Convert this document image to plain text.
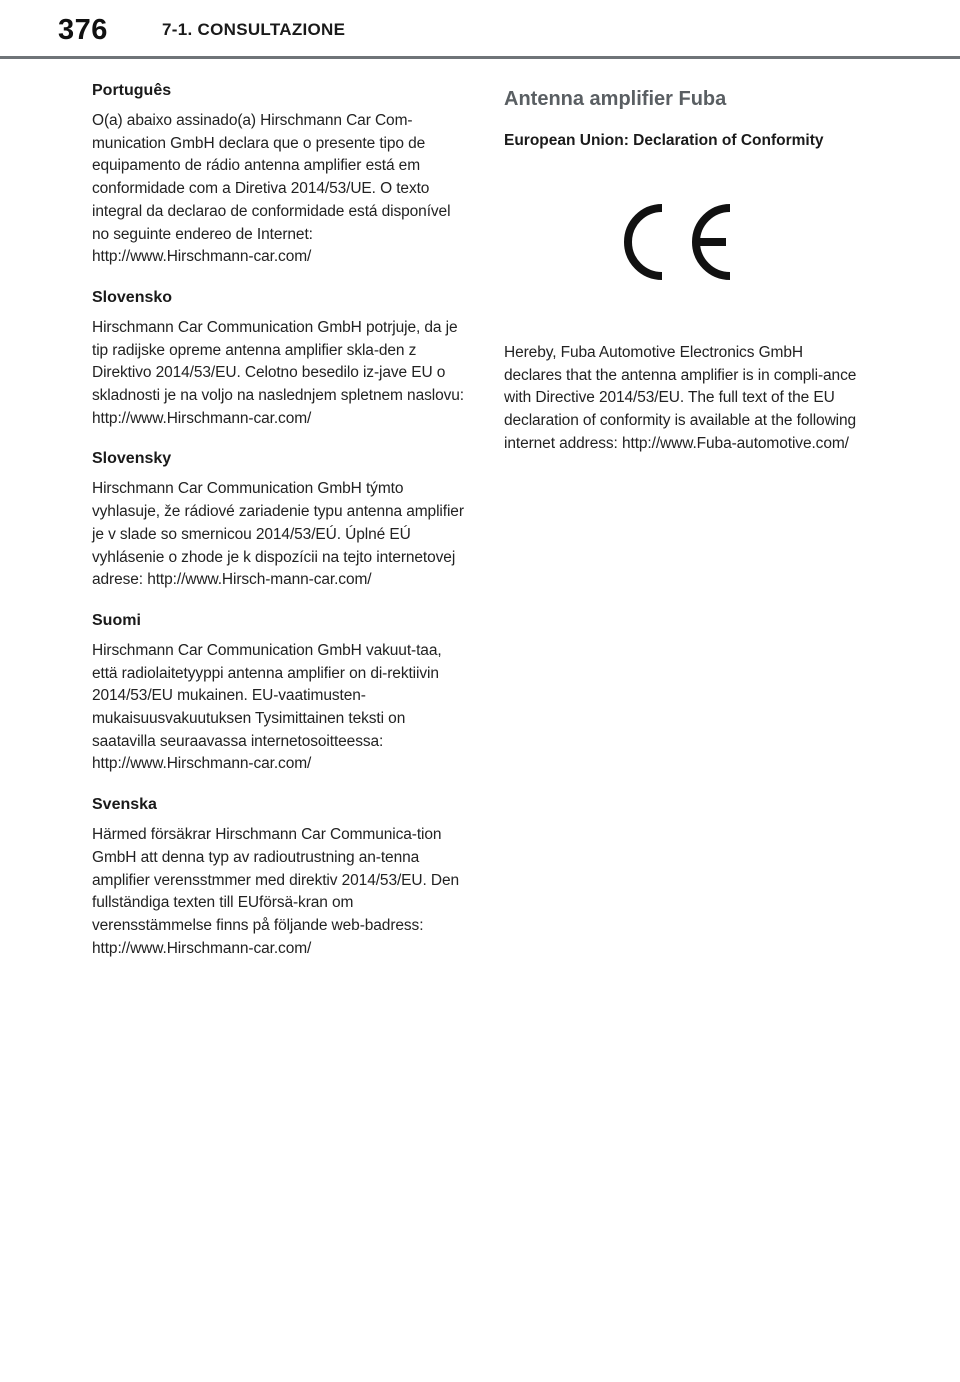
376	7-1. CONSULTAZIONE
Português

O(a) abaixo assinado(a) Hirschmann Car Com-munication GmbH declara que o presente tipo de equipamento de rádio antenna amplifier está em conformidade com a Diretiva 2014/53/UE. O texto integral da declarao de conformidade está disponível no seguinte endereo de Internet: http://www.Hirschmann-car.com/

Slovensko

Hirschmann Car Communication GmbH potrjuje, da je tip radijske opreme antenna amplifier skla-den z Direktivo 2014/53/EU. Celotno besedilo iz-jave EU o skladnosti je na voljo na naslednjem spletnem naslovu: http://www.Hirschmann-car.com/

Slovensky

Hirschmann Car Communication GmbH týmto vyhlasuje, že rádiové zariadenie typu antenna amplifier je v slade so smernicou 2014/53/EÚ. Úplné EÚ vyhlásenie o zhode je k dispozícii na tejto internetovej adrese: http://www.Hirsch-mann-car.com/

Suomi

Hirschmann Car Communication GmbH vakuut-taa, että radiolaitetyyppi antenna amplifier on di-rektiivin 2014/53/EU mukainen. EU-vaatimusten-mukaisuusvakuutuksen Tysimittainen teksti on saatavilla seuraavassa internetosoitteessa: http://www.Hirschmann-car.com/

Svenska

Härmed försäkrar Hirschmann Car Communica-tion GmbH att denna typ av radioutrustning an-tenna amplifier verensstmmer med direktiv 2014/53/EU. Den fullständiga texten till EUförsä-kran om verensstämmelse finns på följande web-badress: http://www.Hirschmann-car.com/

Antenna amplifier Fuba
European Union: Declaration of Conformity

Hereby, Fuba Automotive Electronics GmbH declares that the antenna amplifier is in compli-ance with Directive 2014/53/EU. The full text of the EU declaration of conformity is available at the following internet address: http://www.Fuba-automotive.com/
